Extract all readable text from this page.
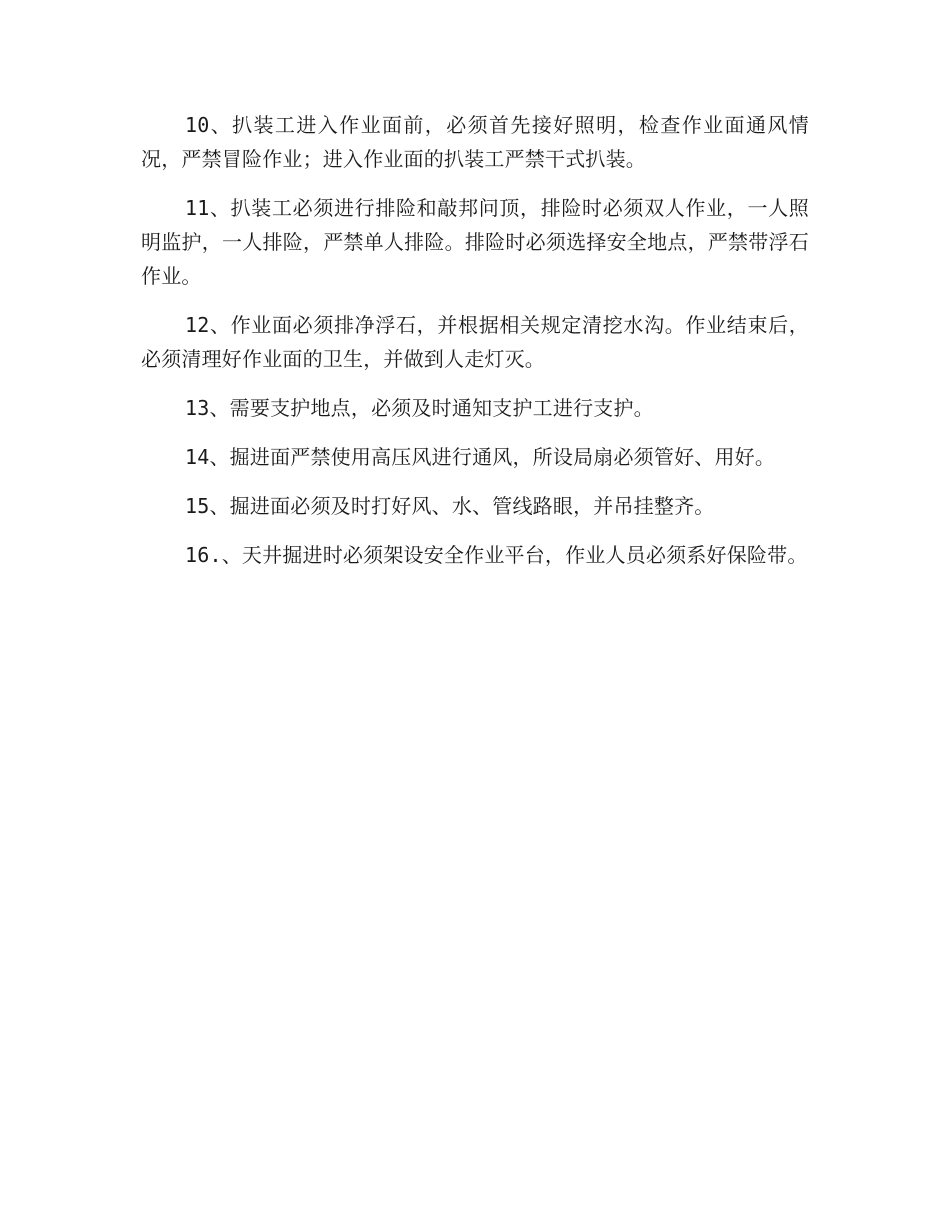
10、扒装工进入作业面前，必须首先接好照明，检查作业面通风情况，严禁冒险作业；进入作业面的扒装工严禁干式扒装。

11、扒装工必须进行排险和敲邦问顶，排险时必须双人作业，一人照明监护，一人排险，严禁单人排险。排险时必须选择安全地点，严禁带浮石作业。

12、作业面必须排净浮石，并根据相关规定清挖水沟。作业结束后，必须清理好作业面的卫生，并做到人走灯灭。

13、需要支护地点，必须及时通知支护工进行支护。

14、掘进面严禁使用高压风进行通风，所设局扇必须管好、用好。

15、掘进面必须及时打好风、水、管线路眼，并吊挂整齐。

16.、天井掘进时必须架设安全作业平台，作业人员必须系好保险带。
